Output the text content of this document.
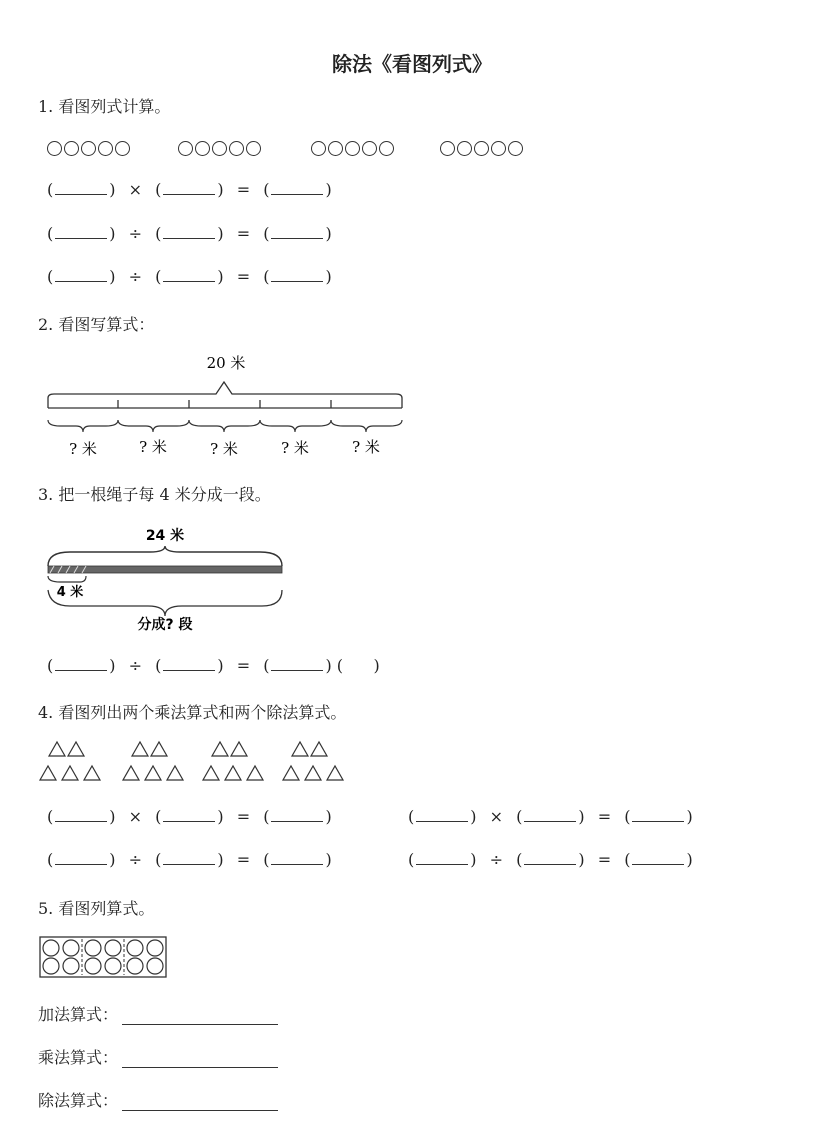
除法《看图列式》
1. 看图列式计算。
(	) × (	) = (	)
(	) ÷ (	) = (	)
(	) ÷ (	) = (	)
2. 看图写算式：
20 米
? 米	? 米	? 米	? 米	? 米
3. 把一根绳子每 4 米分成一段。
24 米
4 米
分成? 段
(	) ÷ (	) = (	) (      )
4. 看图列出两个乘法算式和两个除法算式。
(	) × (	) = (	)	(	) × (	) = (	)
(	) ÷ (	) = (	)	(	) ÷ (	) = (	)
5. 看图列算式。
加法算式：
乘法算式：
除法算式：
